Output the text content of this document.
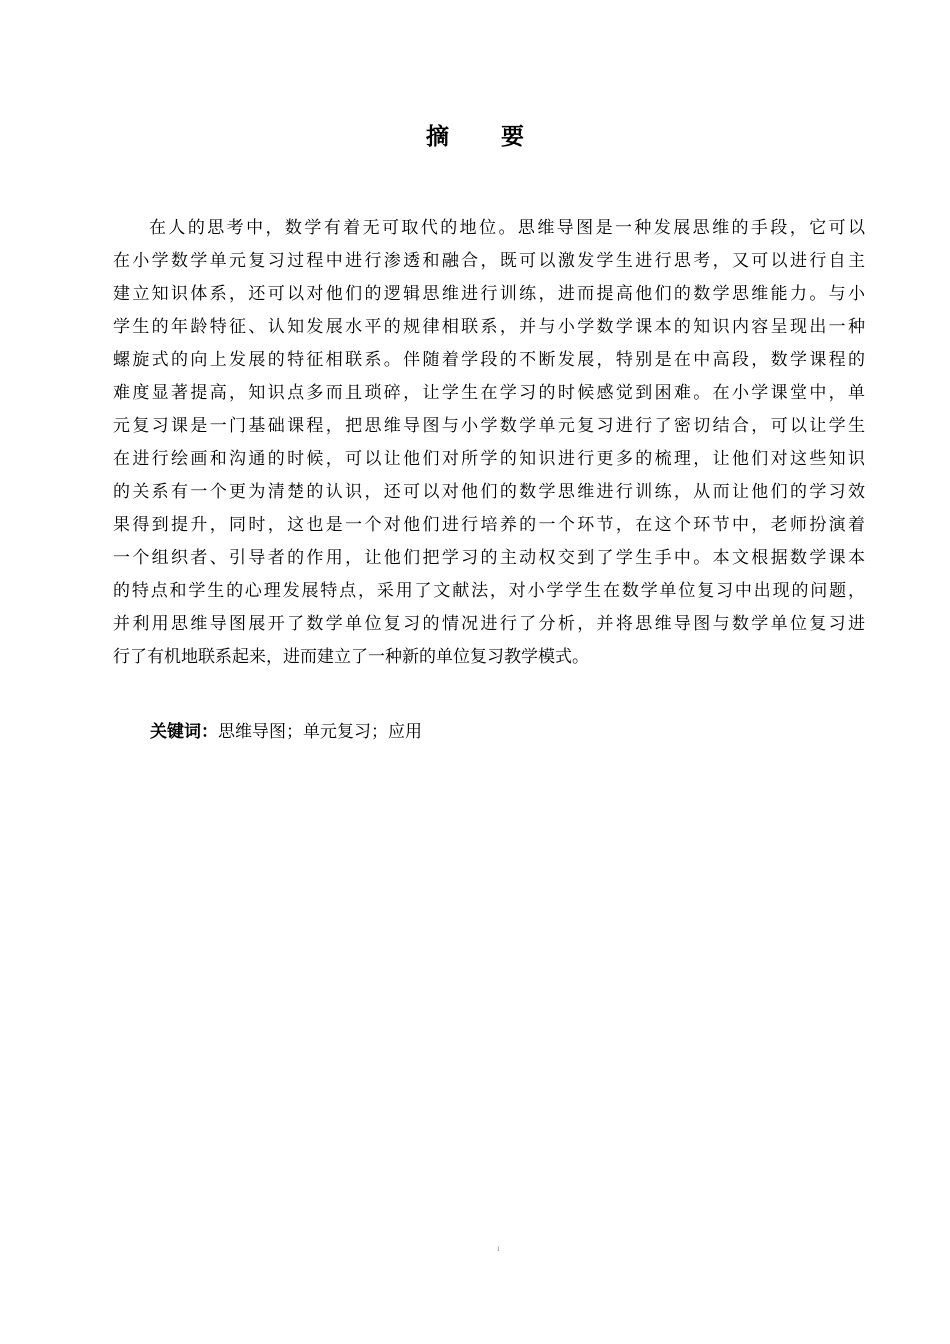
摘 要
在人的思考中，数学有着无可取代的地位。思维导图是一种发展思维的手段，它可以
在小学数学单元复习过程中进行渗透和融合，既可以激发学生进行思考，又可以进行自主
建立知识体系，还可以对他们的逻辑思维进行训练，进而提高他们的数学思维能力。与小
学生的年龄特征、认知发展水平的规律相联系，并与小学数学课本的知识内容呈现出一种
螺旋式的向上发展的特征相联系。伴随着学段的不断发展，特别是在中高段，数学课程的
难度显著提高，知识点多而且琐碎，让学生在学习的时候感觉到困难。在小学课堂中，单
元复习课是一门基础课程，把思维导图与小学数学单元复习进行了密切结合，可以让学生
在进行绘画和沟通的时候，可以让他们对所学的知识进行更多的梳理，让他们对这些知识
的关系有一个更为清楚的认识，还可以对他们的数学思维进行训练，从而让他们的学习效
果得到提升，同时，这也是一个对他们进行培养的一个环节，在这个环节中，老师扮演着
一个组织者、引导者的作用，让他们把学习的主动权交到了学生手中。本文根据数学课本
的特点和学生的心理发展特点，采用了文献法，对小学学生在数学单位复习中出现的问题，
并利用思维导图展开了数学单位复习的情况进行了分析，并将思维导图与数学单位复习进
行了有机地联系起来，进而建立了一种新的单位复习教学模式。
关键词：思维导图；单元复习；应用
ı
